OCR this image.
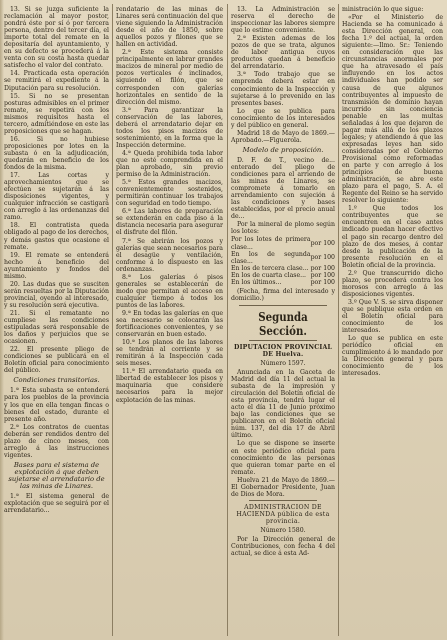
13. Si se juzga suficiente la reclamación al mayor postor, pondrá éste por sí ó por tercera persona, dentro del tercer día, el importe total del remate en la depositaría del ayuntamiento, y en su defecto se procederá á la venta con su costa hasta quedar satisfecho el valor del contrato.

14. Practicada esta operación se remitirá el expediente á la Diputación para su resolución.

15. Si no se presentan posturas admisibles en el primer remate, se repetirá con los mismos requisitos hasta el tercero, admitiéndose en este las proposiciones que se hagan.

16. Si no hubiese proposiciones por lotes en la subasta ó en la adjudicación, quedarán en beneficio de los fondos de la misma.

17. Las cortas y aprovechamientos que se efectúen se sujetarán á las disposiciones vigentes, y cualquier infracción se castigará con arreglo á las ordenanzas del ramo.

18. El contratista queda obligado al pago de los derechos, y demás gastos que ocasione el remate.

19. El remate se entenderá hecho á beneficio del ayuntamiento y fondos del mismo.

20. Las dudas que se susciten serán resueltas por la Diputación provincial, oyendo al interesado, y su resolución será ejecutiva.

21. Si el rematante no cumpliese las condiciones estipuladas será responsable de los daños y perjuicios que se ocasionen.

22. El presente pliego de condiciones se publicará en el Boletín oficial para conocimiento del público.

Condiciones transitorias.

1.ª Esta subasta se entenderá para los pueblos de la provincia y los que en ella tengan fincas o bienes del estado, durante el presente año.

2.ª Los contratos de cuentas deberán ser rendidos dentro del plazo de cinco meses, con arreglo á las instrucciones vigentes.

Bases para el sistema de explotación á que deben sujetarse el arrendatario de las minas de Linares.

1.ª El sistema general de explotación que se seguirá por el arrendatario...

rendatario de las minas de Linares será continuación del que viene siguiendo la Administración desde el año de 1850, sobre aquellos pozos y filones que se hallen en actividad.

2.ª Este sistema consiste principalmente en labrar grandes macizos de mineral por medio de pozos verticales é inclinados, siguiendo el filón, que se corresponden con galerías horizontales en sentido de la dirección del mismo.

3.ª Para garantizar la conservación de las labores, deberá el arrendatario dejar en todos los pisos macizos de sostenimiento, en la forma que la Inspección determine.

4.ª Queda prohibida toda labor que no esté comprendida en el plan aprobado, sin previo permiso de la Administración.

5.ª Estos grandes macizos, convenientemente sostenidos, permitirán continuar los trabajos con seguridad en todo tiempo.

6.ª Las labores de preparación se extenderán en cada piso á la distancia necesaria para asegurar el disfrute del filón.

7.ª Se abrirán los pozos y galerías que sean necesarios para el desagüe y ventilación, conforme á lo dispuesto en las ordenanzas.

8.ª Los galerías ó pisos generales se establecerán de modo que permitan el acceso en cualquier tiempo á todos los puntos de las labores.

9.ª En todas las galerías en que sea necesario se colocarán las fortificaciones convenientes, y se conservarán en buen estado.

10.ª Los planos de las labores se tendrán al corriente y se remitirán á la Inspección cada seis meses.

11.ª El arrendatario queda en libertad de establecer los pisos y maquinaria que considere necesarios para la mejor explotación de las minas.

13. La Administración se reserva el derecho de inspeccionar las labores siempre que lo estime conveniente.

2.ª Existen ademas de los pozos de que se trata, algunos de labor antigua cuyos productos quedan á beneficio del arrendatario.

3.ª Todo trabajo que se emprenda deberá estar en conocimiento de la Inspección y sujetarse á lo prevenido en las presentes bases.

Lo que se publica para conocimiento de los interesados y del público en general.

Madrid 18 de Mayo de 1869.— Aprobado.—Figuerola.

Modelo de proposición.

D. F. de T., vecino de... enterado del pliego de condiciones para el arriendo de las minas de Linares, se compromete á tomarlo en arrendamiento con sujeción á las condiciones y bases establecidas, por el precio anual de...

Por la mineral de plomo según los lotes:

Por los lotes de primera clase...	por 100
En los de segunda clase...	por 100
En los de tercera clase...	por 100
En los de cuarta clase...	por 100
En los últimos...	por 100

(Fecha, firma del interesado y domicilio.)

Segunda Sección.

DIPUTACION PROVINCIAL DE Huelva.

Número 1597.

Anunciada en la Gaceta de Madrid del día 11 del actual la subasta de la impresión y circulación del Boletín oficial de esta provincia, tendrá lugar el acto el día 11 de Junio próximo bajo las condiciones que se publicaron en el Boletín oficial núm. 137, del día 17 de Abril último.

Lo que se dispone se inserte en este periódico oficial para conocimiento de las personas que quieran tomar parte en el remate.

Huelva 21 de Mayo de 1869.—El Gobernador Presidente, Juan de Dios de Mora.

ADMINISTRACION DE HACIENDA pública de esta provincia.

Número 1580.

Por la Dirección general de Contribuciones, con fecha 4 del actual, se dice á esta Ad-

ministración lo que sigue:

«Por el Ministerio de Hacienda se ha comunicado á esta Dirección general, con fecha 1.º del actual, la orden siguiente:—Ilmo. Sr.: Teniendo en consideración que las circunstancias anormales por que ha atravesado el país influyendo en los actos individuales han podido ser causa de que algunos contribuyentes al impuesto de transmisión de dominio hayan incurrido sin conciencia penable en las multas señaladas á los que dejaron de pagar más allá de los plazos legales; y atendiendo á que las expresadas leyes han sido consideradas por el Gobierno Provisional como reformadas en parte y con arreglo á los principios de buena administración, se abre este plazo para el pago, S. A. el Regente del Reino se ha servido resolver lo siguiente:

1.º Que todos los contribuyentes que se encuentren en el caso antes indicado puedan hacer efectivo el pago sin recargo dentro del plazo de dos meses, á contar desde la publicación de la presente resolución en el Boletín oficial de la provincia.

2.º Que transcurrido dicho plazo, se procederá contra los morosos con arreglo á las disposiciones vigentes.

3.º Que V. S. se sirva disponer que se publique esta orden en el Boletín oficial para conocimiento de los interesados.

Lo que se publica en este periódico oficial en cumplimiento á lo mandado por la Dirección general y para conocimiento de los interesados.
